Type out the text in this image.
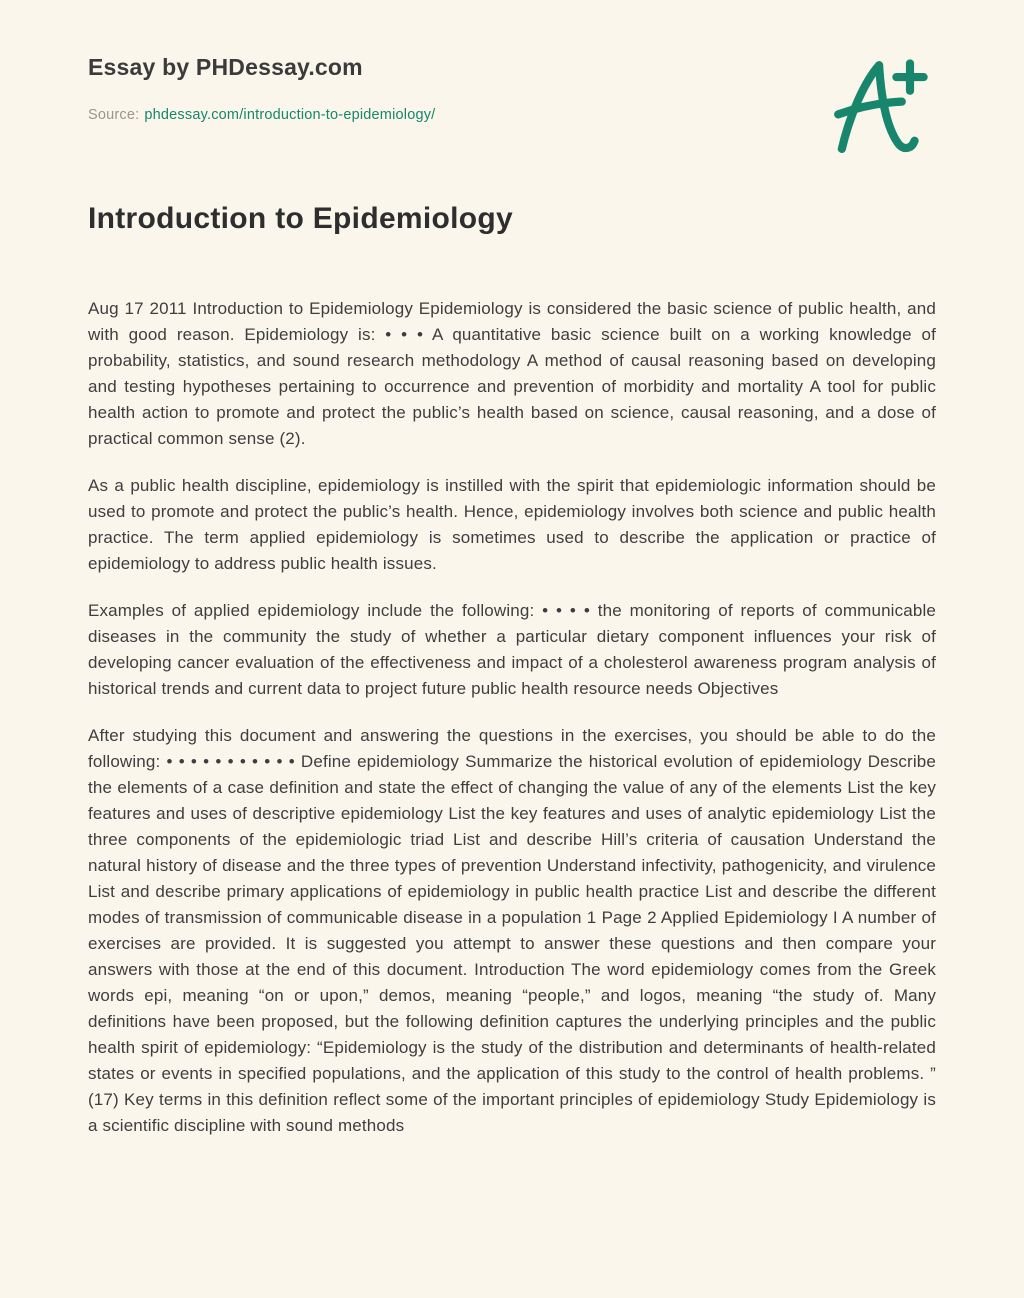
Essay by PHDessay.com
Source: phdessay.com/introduction-to-epidemiology/
Introduction to Epidemiology

Aug 17 2011 Introduction to Epidemiology Epidemiology is considered the basic science of public health, and with good reason. Epidemiology is: • • • A quantitative basic science built on a working knowledge of probability, statistics, and sound research methodology A method of causal reasoning based on developing and testing hypotheses pertaining to occurrence and prevention of morbidity and mortality A tool for public health action to promote and protect the public’s health based on science, causal reasoning, and a dose of practical common sense (2).

As a public health discipline, epidemiology is instilled with the spirit that epidemiologic information should be used to promote and protect the public’s health. Hence, epidemiology involves both science and public health practice. The term applied epidemiology is sometimes used to describe the application or practice of epidemiology to address public health issues.

Examples of applied epidemiology include the following: • • • • the monitoring of reports of communicable diseases in the community the study of whether a particular dietary component influences your risk of developing cancer evaluation of the effectiveness and impact of a cholesterol awareness program analysis of historical trends and current data to project future public health resource needs Objectives

After studying this document and answering the questions in the exercises, you should be able to do the following: • • • • • • • • • • • Define epidemiology Summarize the historical evolution of epidemiology Describe the elements of a case definition and state the effect of changing the value of any of the elements List the key features and uses of descriptive epidemiology List the key features and uses of analytic epidemiology List the three components of the epidemiologic triad List and describe Hill’s criteria of causation Understand the natural history of disease and the three types of prevention Understand infectivity, pathogenicity, and virulence List and describe primary applications of epidemiology in public health practice List and describe the different modes of transmission of communicable disease in a population 1 Page 2 Applied Epidemiology I A number of exercises are provided. It is suggested you attempt to answer these questions and then compare your answers with those at the end of this document. Introduction The word epidemiology comes from the Greek words epi, meaning “on or upon,” demos, meaning “people,” and logos, meaning “the study of. Many definitions have been proposed, but the following definition captures the underlying principles and the public health spirit of epidemiology: “Epidemiology is the study of the distribution and determinants of health-related states or events in specified populations, and the application of this study to the control of health problems. ” (17) Key terms in this definition reflect some of the important principles of epidemiology Study Epidemiology is a scientific discipline with sound methods
